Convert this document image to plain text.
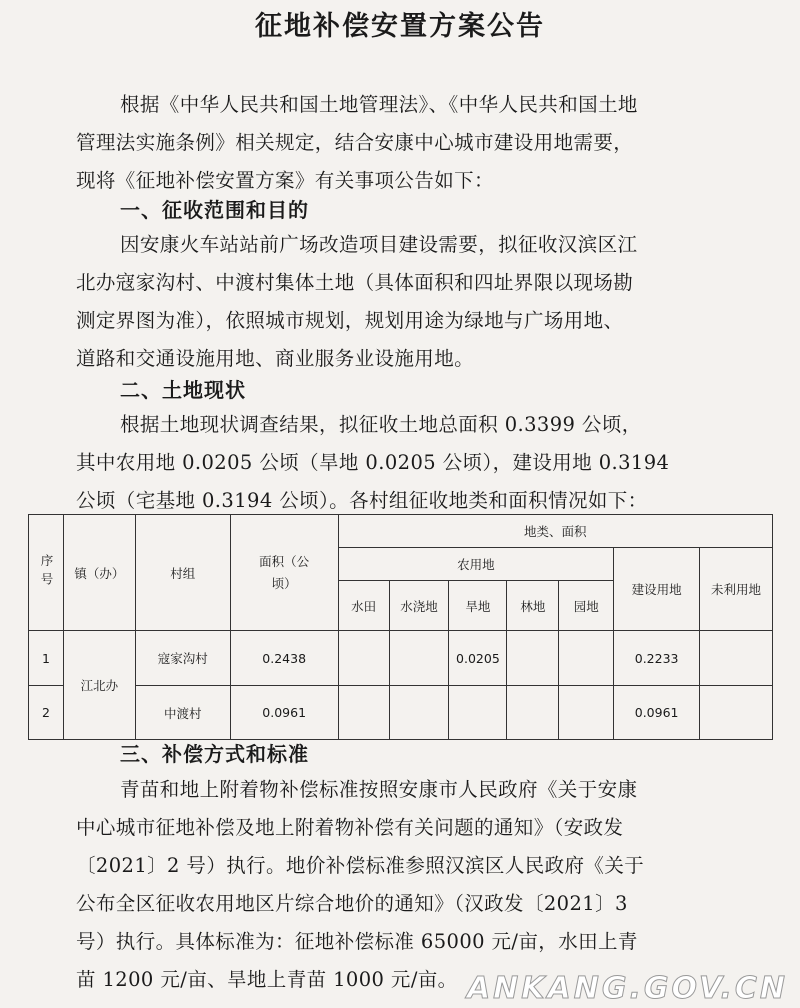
征地补偿安置方案公告
根据《中华人民共和国土地管理法》、《中华人民共和国土地
管理法实施条例》相关规定，结合安康中心城市建设用地需要，
现将《征地补偿安置方案》有关事项公告如下：
一、征收范围和目的
因安康火车站站前广场改造项目建设需要，拟征收汉滨区江
北办寇家沟村、中渡村集体土地（具体面积和四址界限以现场勘
测定界图为准），依照城市规划，规划用途为绿地与广场用地、
道路和交通设施用地、商业服务业设施用地。
二、土地现状
根据土地现状调查结果，拟征收土地总面积 0.3399 公顷，
其中农用地 0.0205 公顷（旱地 0.0205 公顷），建设用地 0.3194
公顷（宅基地 0.3194 公顷）。各村组征收地类和面积情况如下：
序号	镇（办）	村组	面积（公顷）	地类、面积						
				农用地					建设用地	未利用地
				水田	水浇地	旱地	林地	园地		
1	江北办	寇家沟村	0.2438			0.0205			0.2233	
2		中渡村	0.0961						0.0961	
三、补偿方式和标准
青苗和地上附着物补偿标准按照安康市人民政府《关于安康
中心城市征地补偿及地上附着物补偿有关问题的通知》（安政发
〔2021〕2 号）执行。地价补偿标准参照汉滨区人民政府《关于
公布全区征收农用地区片综合地价的通知》（汉政发〔2021〕3
号）执行。具体标准为：征地补偿标准 65000 元/亩，水田上青
苗 1200 元/亩、旱地上青苗 1000 元/亩。 ANKANG.GOV.CN
